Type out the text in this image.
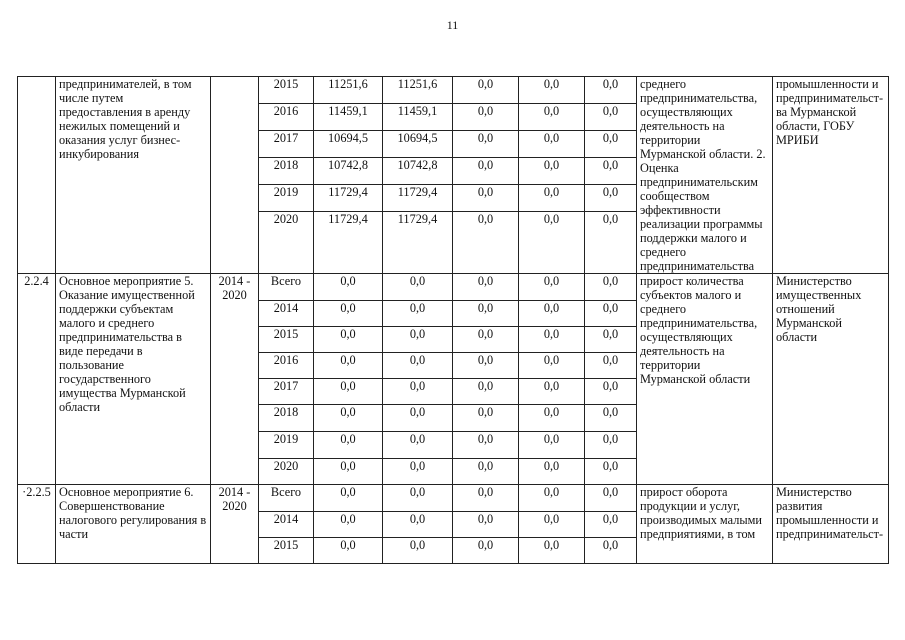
11
	предпринимателей, в том числе путем предоставления в аренду нежилых помещений и оказания услуг бизнес-инкубирования		2015	11251,6	11251,6	0,0	0,0	0,0	среднего предпринимательства, осуществляющих деятельность на территории Мурманской области. 2. Оценка предпринимательским сообществом эффективности реализации программы поддержки малого и среднего предпринимательства	промышленности и предпринимательст-ва Мурманской области, ГОБУ МРИБИ
			2016	11459,1	11459,1	0,0	0,0	0,0		
			2017	10694,5	10694,5	0,0	0,0	0,0		
			2018	10742,8	10742,8	0,0	0,0	0,0		
			2019	11729,4	11729,4	0,0	0,0	0,0		
			2020	11729,4	11729,4	0,0	0,0	0,0		
2.2.4	Основное мероприятие 5. Оказание имущественной поддержки субъектам малого и среднего предпринимательства в виде передачи в пользование государственного имущества Мурманской области	2014 - 2020	Всего	0,0	0,0	0,0	0,0	0,0	прирост количества субъектов малого и среднего предпринимательства, осуществляющих деятельность на территории Мурманской области	Министерство имущественных отношений Мурманской области
			2014	0,0	0,0	0,0	0,0	0,0		
			2015	0,0	0,0	0,0	0,0	0,0		
			2016	0,0	0,0	0,0	0,0	0,0		
			2017	0,0	0,0	0,0	0,0	0,0		
			2018	0,0	0,0	0,0	0,0	0,0		
			2019	0,0	0,0	0,0	0,0	0,0		
			2020	0,0	0,0	0,0	0,0	0,0		
·2.2.5	Основное мероприятие 6. Совершенствование налогового регулирования в части	2014 - 2020	Всего	0,0	0,0	0,0	0,0	0,0	прирост оборота продукции и услуг, производимых малыми предприятиями, в том	Министерство развития промышленности и предпринимательст-
			2014	0,0	0,0	0,0	0,0	0,0		
			2015	0,0	0,0	0,0	0,0	0,0		
